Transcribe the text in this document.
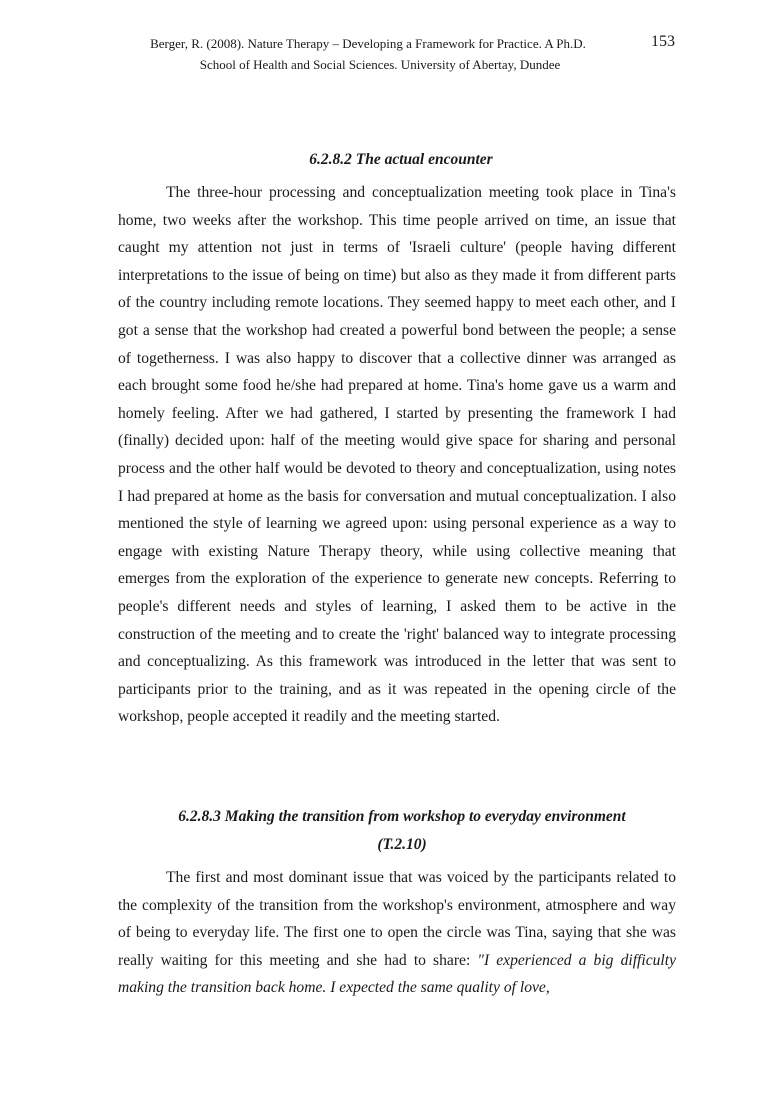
Berger, R. (2008). Nature Therapy – Developing a Framework for Practice. A Ph.D.	153
School of Health and Social Sciences. University of Abertay, Dundee
6.2.8.2 The actual encounter
The three-hour processing and conceptualization meeting took place in Tina's home, two weeks after the workshop. This time people arrived on time, an issue that caught my attention not just in terms of 'Israeli culture' (people having different interpretations to the issue of being on time) but also as they made it from different parts of the country including remote locations. They seemed happy to meet each other, and I got a sense that the workshop had created a powerful bond between the people; a sense of togetherness. I was also happy to discover that a collective dinner was arranged as each brought some food he/she had prepared at home. Tina's home gave us a warm and homely feeling. After we had gathered, I started by presenting the framework I had (finally) decided upon: half of the meeting would give space for sharing and personal process and the other half would be devoted to theory and conceptualization, using notes I had prepared at home as the basis for conversation and mutual conceptualization. I also mentioned the style of learning we agreed upon: using personal experience as a way to engage with existing Nature Therapy theory, while using collective meaning that emerges from the exploration of the experience to generate new concepts. Referring to people's different needs and styles of learning, I asked them to be active in the construction of the meeting and to create the 'right' balanced way to integrate processing and conceptualizing. As this framework was introduced in the letter that was sent to participants prior to the training, and as it was repeated in the opening circle of the workshop, people accepted it readily and the meeting started.
6.2.8.3 Making the transition from workshop to everyday environment
(T.2.10)
The first and most dominant issue that was voiced by the participants related to the complexity of the transition from the workshop's environment, atmosphere and way of being to everyday life. The first one to open the circle was Tina, saying that she was really waiting for this meeting and she had to share: "I experienced a big difficulty making the transition back home. I expected the same quality of love,
